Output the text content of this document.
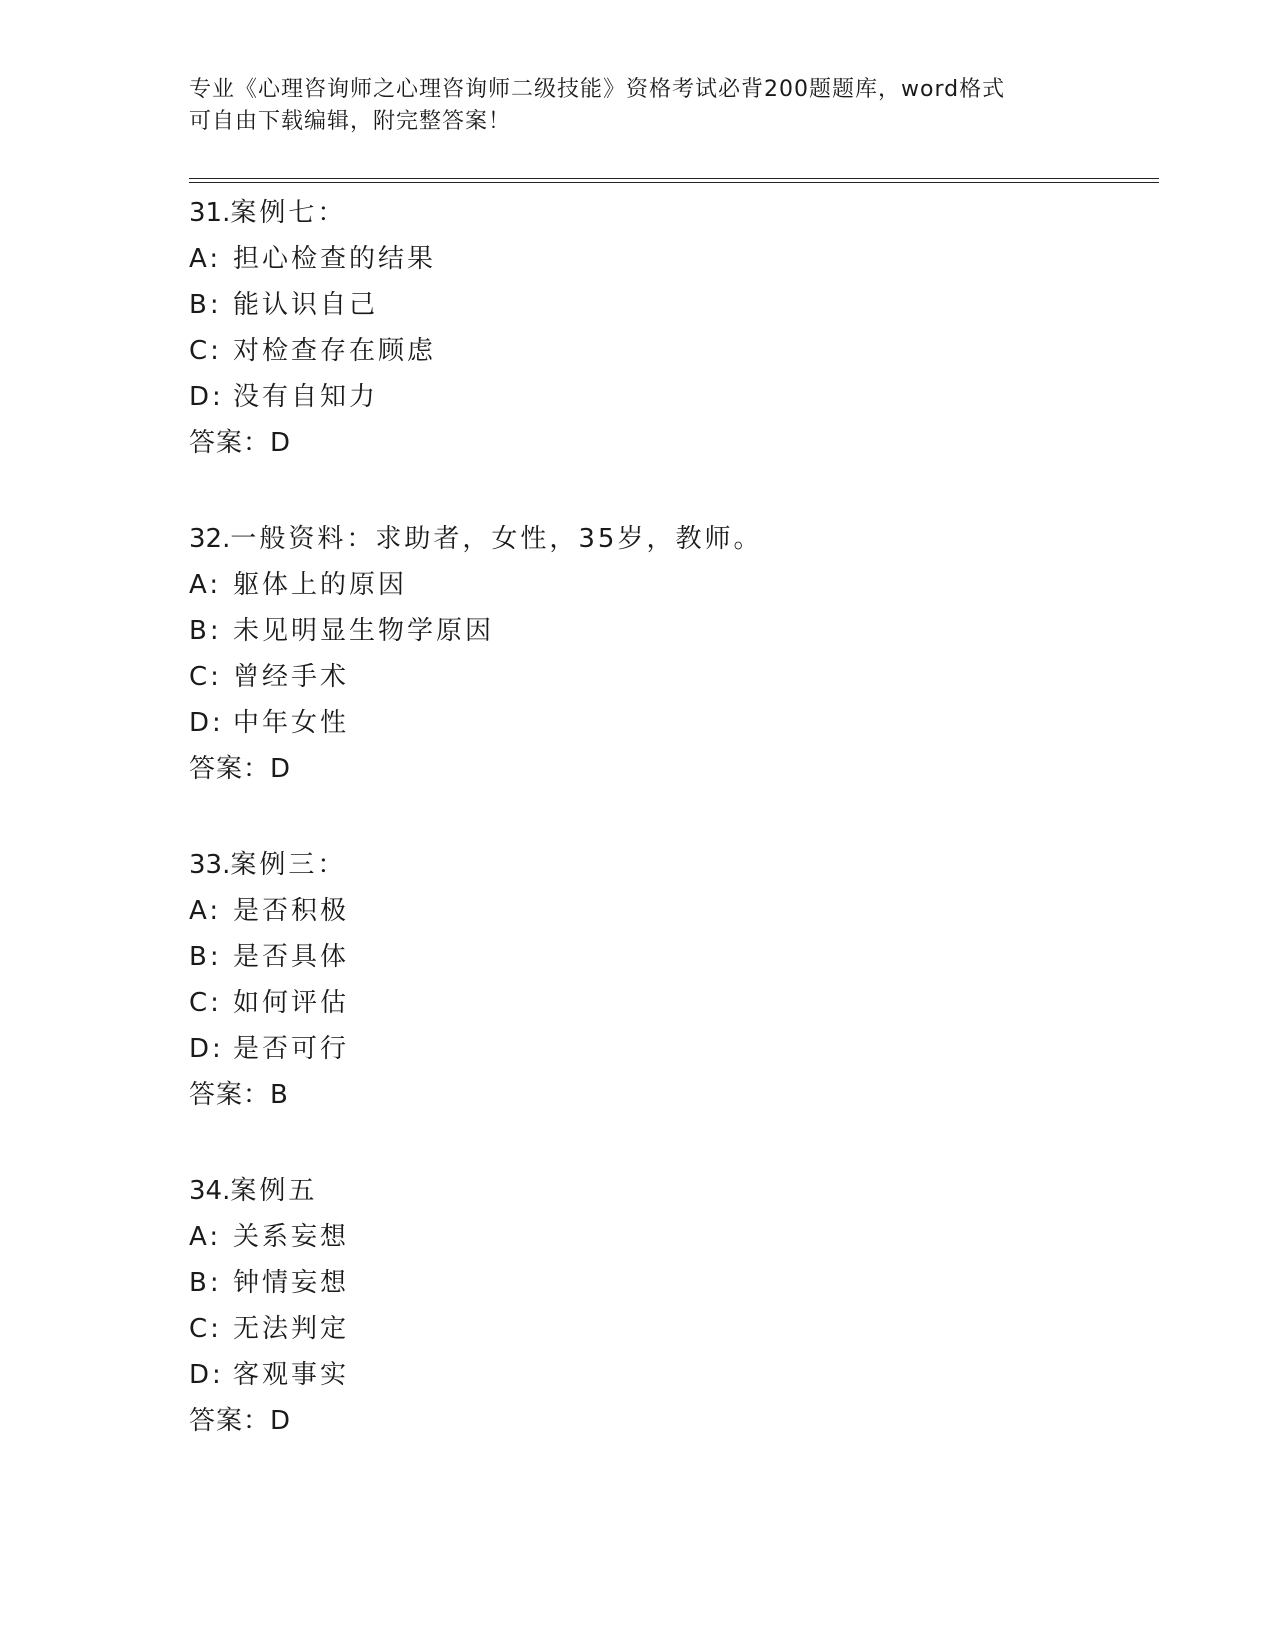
专业《心理咨询师之心理咨询师二级技能》资格考试必背200题题库，word格式
可自由下载编辑，附完整答案！
31.案例七：
A: 担心检查的结果
B: 能认识自己
C: 对检查存在顾虑
D: 没有自知力
答案：D
32.一般资料：求助者，女性，35岁，教师。
A: 躯体上的原因
B: 未见明显生物学原因
C: 曾经手术
D: 中年女性
答案：D
33.案例三：
A: 是否积极
B: 是否具体
C: 如何评估
D: 是否可行
答案：B
34.案例五
A: 关系妄想
B: 钟情妄想
C: 无法判定
D: 客观事实
答案：D
